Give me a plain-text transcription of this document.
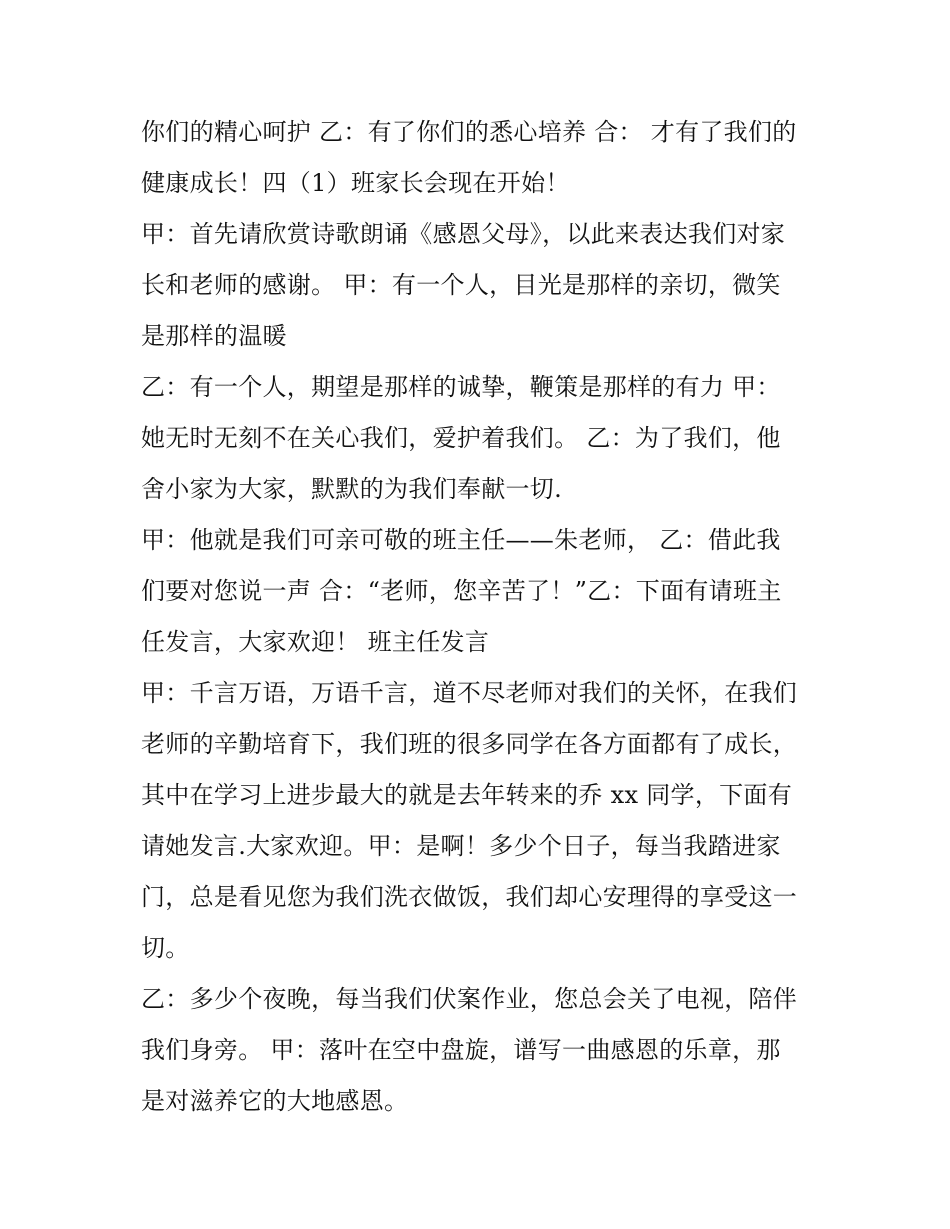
你们的精心呵护 乙：有了你们的悉心培养 合： 才有了我们的
健康成长！四（1）班家长会现在开始！
甲：首先请欣赏诗歌朗诵《感恩父母》，以此来表达我们对家
长和老师的感谢。 甲：有一个人，目光是那样的亲切，微笑
是那样的温暖
乙：有一个人，期望是那样的诚挚，鞭策是那样的有力 甲：
她无时无刻不在关心我们，爱护着我们。 乙：为了我们，他
舍小家为大家，默默的为我们奉献一切.
甲：他就是我们可亲可敬的班主任——朱老师， 乙：借此我
们要对您说一声 合：“老师，您辛苦了！”乙：下面有请班主
任发言，大家欢迎！ 班主任发言
甲：千言万语，万语千言，道不尽老师对我们的关怀，在我们
老师的辛勤培育下，我们班的很多同学在各方面都有了成长，
其中在学习上进步最大的就是去年转来的乔 xx 同学，下面有
请她发言.大家欢迎。甲：是啊！多少个日子，每当我踏进家
门，总是看见您为我们洗衣做饭，我们却心安理得的享受这一
切。
乙：多少个夜晚，每当我们伏案作业，您总会关了电视，陪伴
我们身旁。 甲：落叶在空中盘旋，谱写一曲感恩的乐章，那
是对滋养它的大地感恩。
